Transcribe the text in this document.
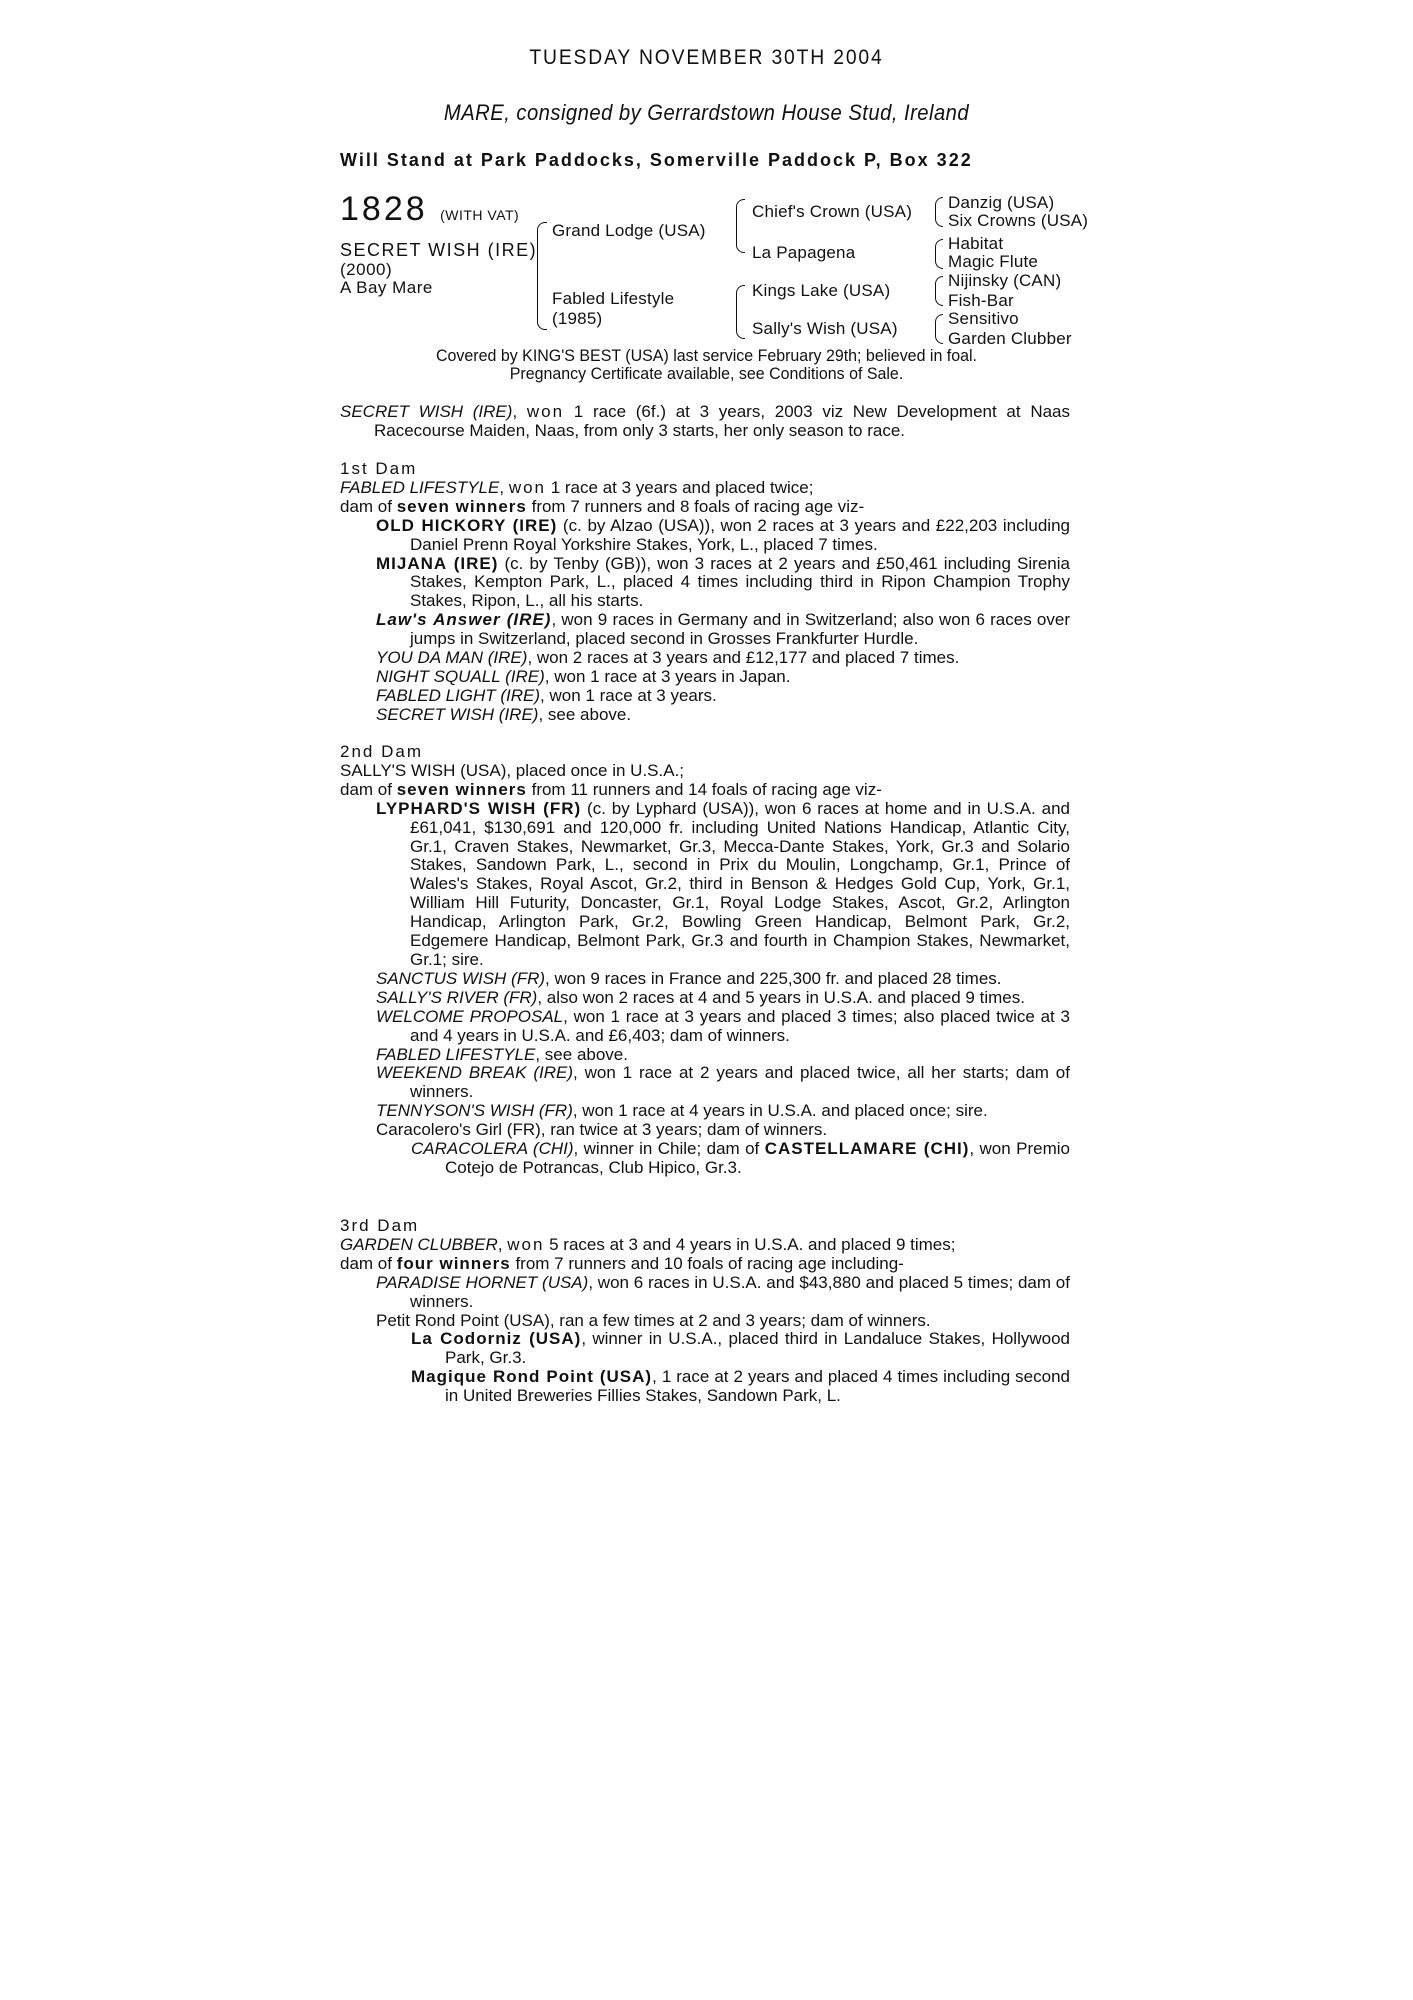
TUESDAY NOVEMBER 30TH 2004
MARE, consigned by Gerrardstown House Stud, Ireland
Will Stand at Park Paddocks, Somerville Paddock P, Box 322
1828 (WITH VAT)
SECRET WISH (IRE)
(2000)
A Bay Mare
Grand Lodge (USA)
Fabled Lifestyle
(1985)
Chief's Crown (USA)
La Papagena
Kings Lake (USA)
Sally's Wish (USA)
Danzig (USA)
Six Crowns (USA)
Habitat
Magic Flute
Nijinsky (CAN)
Fish-Bar
Sensitivo
Garden Clubber
Covered by KING'S BEST (USA) last service February 29th; believed in foal.
Pregnancy Certificate available, see Conditions of Sale.

SECRET WISH (IRE), won 1 race (6f.) at 3 years, 2003 viz New Development at Naas Racecourse Maiden, Naas, from only 3 starts, her only season to race.

1st Dam

FABLED LIFESTYLE, won 1 race at 3 years and placed twice;

dam of seven winners from 7 runners and 8 foals of racing age viz-

OLD HICKORY (IRE) (c. by Alzao (USA)), won 2 races at 3 years and £22,203 including Daniel Prenn Royal Yorkshire Stakes, York, L., placed 7 times.

MIJANA (IRE) (c. by Tenby (GB)), won 3 races at 2 years and £50,461 including Sirenia Stakes, Kempton Park, L., placed 4 times including third in Ripon Champion Trophy Stakes, Ripon, L., all his starts.

Law's Answer (IRE), won 9 races in Germany and in Switzerland; also won 6 races over jumps in Switzerland, placed second in Grosses Frankfurter Hurdle.

YOU DA MAN (IRE), won 2 races at 3 years and £12,177 and placed 7 times.

NIGHT SQUALL (IRE), won 1 race at 3 years in Japan.

FABLED LIGHT (IRE), won 1 race at 3 years.

SECRET WISH (IRE), see above.

2nd Dam

SALLY'S WISH (USA), placed once in U.S.A.;

dam of seven winners from 11 runners and 14 foals of racing age viz-

LYPHARD'S WISH (FR) (c. by Lyphard (USA)), won 6 races at home and in U.S.A. and £61,041, $130,691 and 120,000 fr. including United Nations Handicap, Atlantic City, Gr.1, Craven Stakes, Newmarket, Gr.3, Mecca-Dante Stakes, York, Gr.3 and Solario Stakes, Sandown Park, L., second in Prix du Moulin, Longchamp, Gr.1, Prince of Wales's Stakes, Royal Ascot, Gr.2, third in Benson & Hedges Gold Cup, York, Gr.1, William Hill Futurity, Doncaster, Gr.1, Royal Lodge Stakes, Ascot, Gr.2, Arlington Handicap, Arlington Park, Gr.2, Bowling Green Handicap, Belmont Park, Gr.2, Edgemere Handicap, Belmont Park, Gr.3 and fourth in Champion Stakes, Newmarket, Gr.1; sire.

SANCTUS WISH (FR), won 9 races in France and 225,300 fr. and placed 28 times.

SALLY'S RIVER (FR), also won 2 races at 4 and 5 years in U.S.A. and placed 9 times.

WELCOME PROPOSAL, won 1 race at 3 years and placed 3 times; also placed twice at 3 and 4 years in U.S.A. and £6,403; dam of winners.

FABLED LIFESTYLE, see above.

WEEKEND BREAK (IRE), won 1 race at 2 years and placed twice, all her starts; dam of winners.

TENNYSON'S WISH (FR), won 1 race at 4 years in U.S.A. and placed once; sire.

Caracolero's Girl (FR), ran twice at 3 years; dam of winners.

CARACOLERA (CHI), winner in Chile; dam of CASTELLAMARE (CHI), won Premio Cotejo de Potrancas, Club Hipico, Gr.3.

3rd Dam

GARDEN CLUBBER, won 5 races at 3 and 4 years in U.S.A. and placed 9 times;

dam of four winners from 7 runners and 10 foals of racing age including-

PARADISE HORNET (USA), won 6 races in U.S.A. and $43,880 and placed 5 times; dam of winners.

Petit Rond Point (USA), ran a few times at 2 and 3 years; dam of winners.

La Codorniz (USA), winner in U.S.A., placed third in Landaluce Stakes, Hollywood Park, Gr.3.

Magique Rond Point (USA), 1 race at 2 years and placed 4 times including second in United Breweries Fillies Stakes, Sandown Park, L.
